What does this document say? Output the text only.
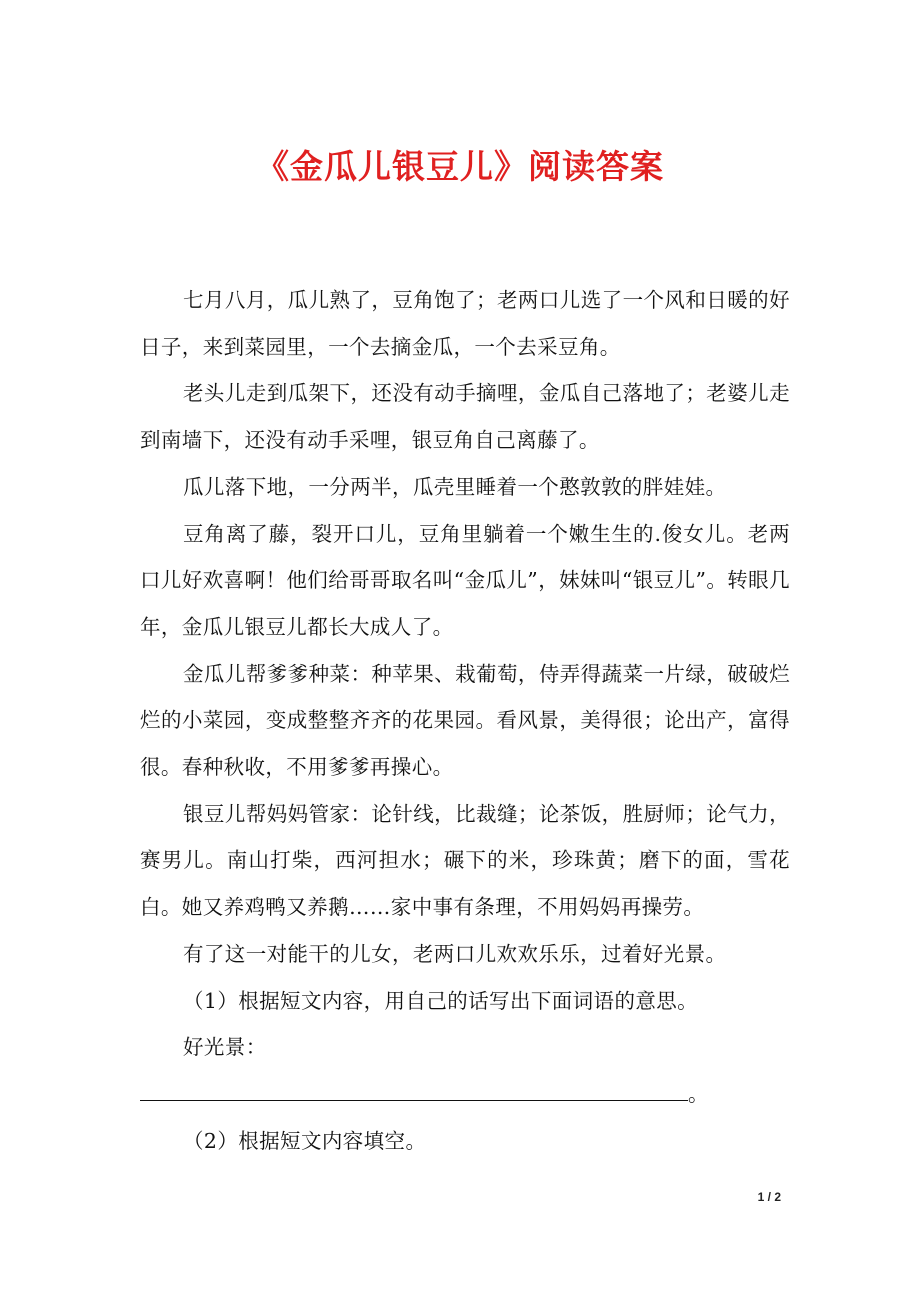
《金瓜儿银豆儿》阅读答案

七月八月，瓜儿熟了，豆角饱了；老两口儿选了一个风和日暖的好日子，来到菜园里，一个去摘金瓜，一个去采豆角。

老头儿走到瓜架下，还没有动手摘哩，金瓜自己落地了；老婆儿走到南墙下，还没有动手采哩，银豆角自己离藤了。

瓜儿落下地，一分两半，瓜壳里睡着一个憨敦敦的胖娃娃。

豆角离了藤，裂开口儿，豆角里躺着一个嫩生生的.俊女儿。老两口儿好欢喜啊！他们给哥哥取名叫“金瓜儿”，妹妹叫“银豆儿”。转眼几年，金瓜儿银豆儿都长大成人了。

金瓜儿帮爹爹种菜：种苹果、栽葡萄，侍弄得蔬菜一片绿，破破烂烂的小菜园，变成整整齐齐的花果园。看风景，美得很；论出产，富得很。春种秋收，不用爹爹再操心。

银豆儿帮妈妈管家：论针线，比裁缝；论茶饭，胜厨师；论气力，赛男儿。南山打柴，西河担水；碾下的米，珍珠黄；磨下的面，雪花白。她又养鸡鸭又养鹅……家中事有条理，不用妈妈再操劳。

有了这一对能干的儿女，老两口儿欢欢乐乐，过着好光景。

（1）根据短文内容，用自己的话写出下面词语的意思。

好光景：

。

（2）根据短文内容填空。

1 / 2
